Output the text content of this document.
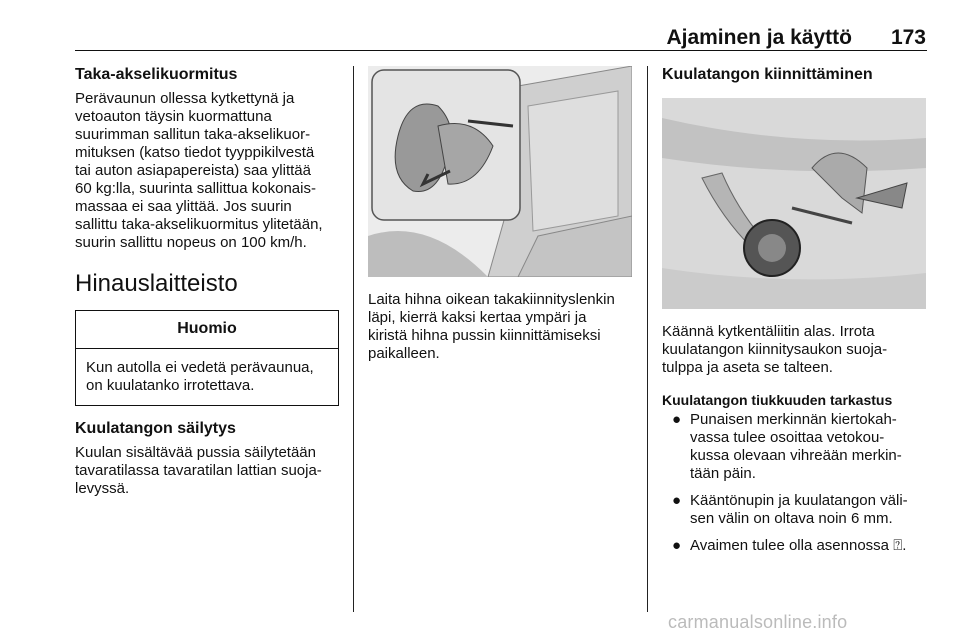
Ajaminen ja käyttö	173
Taka-akselikuormitus

Perävaunun ollessa kytkettynä ja
vetoauton täysin kuormattuna
suurimman sallitun taka-akselikuor-
mituksen (katso tiedot tyyppikilvestä
tai auton asiapapereista) saa ylittää
60 kg:lla, suurinta sallittua kokonais-
massaa ei saa ylittää. Jos suurin
sallittu taka-akselikuormitus ylitetään,
suurin sallittu nopeus on 100 km/h.

Hinauslaitteisto
Huomio
Kun autolla ei vedetä perävaunua,
on kuulatanko irrotettava.
Kuulatangon säilytys

Kuulan sisältävää pussia säilytetään
tavaratilassa tavaratilan lattian suoja-
levyssä.

Laita hihna oikean takakiinnityslenkin
läpi, kierrä kaksi kertaa ympäri ja
kiristä hihna pussin kiinnittämiseksi
paikalleen.

Kuulatangon kiinnittäminen

Käännä kytkentäliitin alas. Irrota
kuulatangon kiinnitysaukon suoja-
tulppa ja aseta se talteen.

Kuulatangon tiukkuuden tarkastus
● Punaisen merkinnän kiertokah-
vassa tulee osoittaa vetokou-
kussa olevaan vihreään merkin-
tään päin.
● Kääntönupin ja kuulatangon väli-
sen välin on oltava noin 6 mm.
● Avaimen tulee olla asennossa ⍰.
carmanualsonline.info
